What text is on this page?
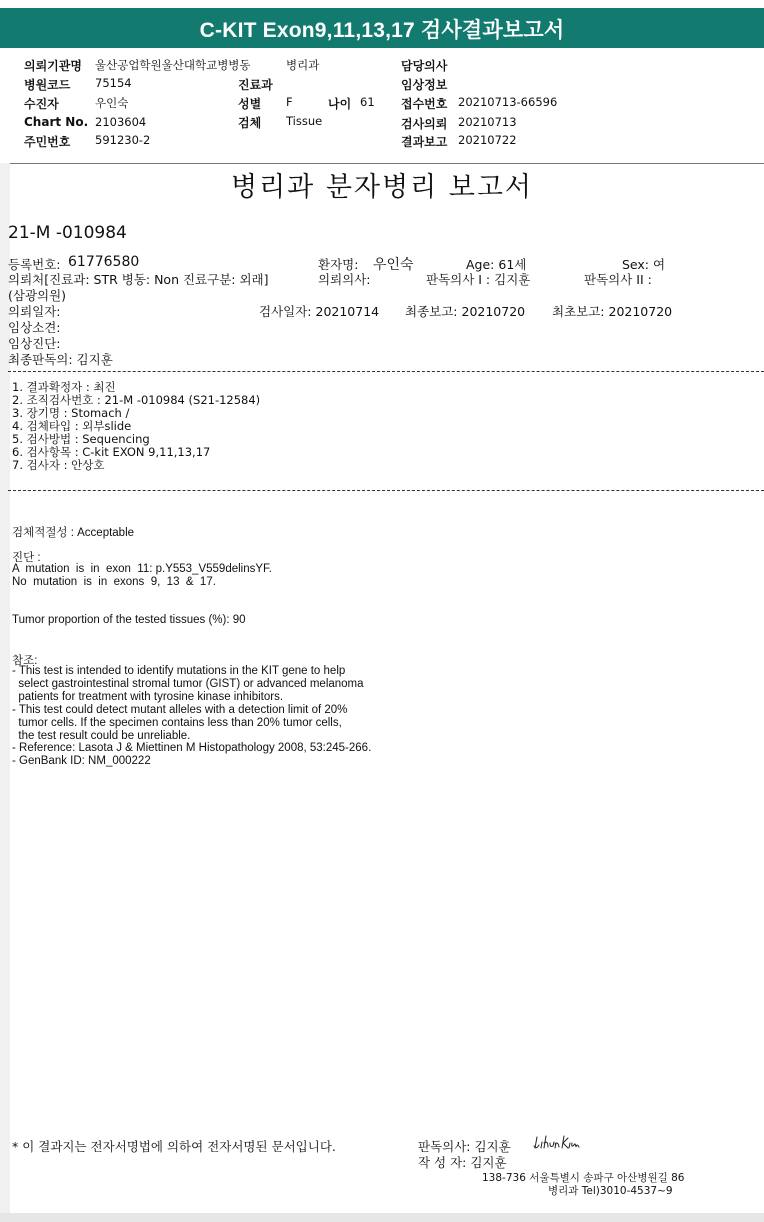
C-KIT Exon9,11,13,17 검사결과보고서
의뢰기관명 울산공업학원울산대학교병병동	병리과	담당의사
병원코드 75154	진료과	임상정보
수진자	우인숙	성별 F	나이 61 접수번호 20210713-66596
Chart No. 2103604	검체 Tissue	검사의뢰 20210713
주민번호 591230-2	결과보고 20210722
병리과 분자병리 보고서
21-M -010984
등록번호: 61776580	환자명: 우인숙	Age: 61세	Sex: 여
의뢰처[진료과: STR 병동: Non 진료구분: 외래]	의뢰의사:	판독의사 I : 김지훈	판독의사 II :
(삼광의원)
의뢰일자:	검사일자: 20210714 최종보고: 20210720 최초보고: 20210720
임상소견:
임상진단:
최종판독의: 김지훈
1. 결과확정자 : 최진
2. 조직검사번호 : 21-M -010984 (S21-12584)
3. 장기명 : Stomach /
4. 검체타입 : 외부slide
5. 검사방법 : Sequencing
6. 검사항목 : C-kit EXON 9,11,13,17
7. 검사자 : 안상호
검체적절성 : Acceptable
진단 :
A  mutation  is  in  exon  11: p.Y553_V559delinsYF.
No  mutation  is  in  exons  9,  13  &  17.
Tumor proportion of the tested tissues (%): 90
참조:
- This test is intended to identify mutations in the KIT gene to help
select gastrointestinal stromal tumor (GIST) or advanced melanoma
patients for treatment with tyrosine kinase inhibitors.
- This test could detect mutant alleles with a detection limit of 20%
tumor cells. If the specimen contains less than 20% tumor cells,
the test result could be unreliable.
- Reference: Lasota J & Miettinen M Histopathology 2008, 53:245-266.
- GenBank ID: NM_000222
* 이 결과지는 전자서명법에 의하여 전자서명된 문서입니다.	판독의사: 김지훈
작 성 자: 김지훈
138-736 서울특별시 송파구 아산병원길 86
병리과 Tel)3010-4537~9
